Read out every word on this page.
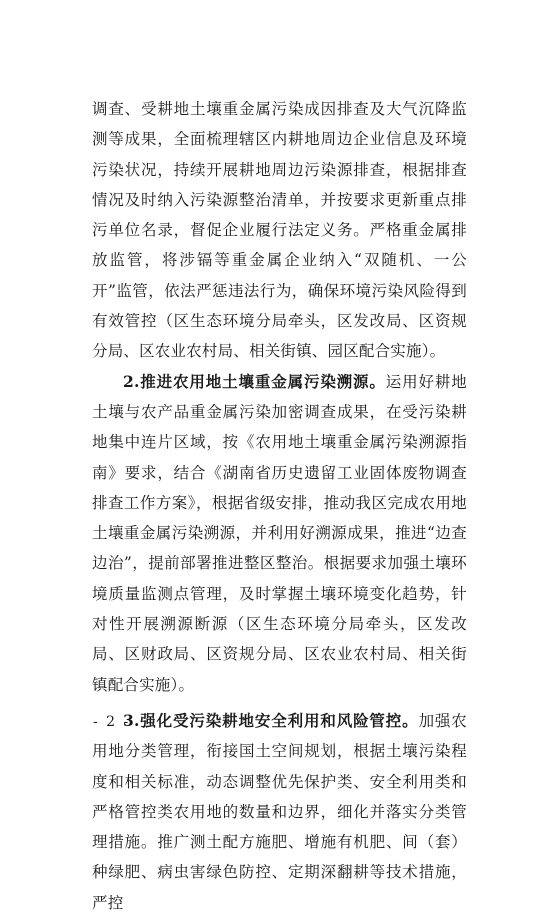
调查、受耕地土壤重金属污染成因排查及大气沉降监测等成果，全面梳理辖区内耕地周边企业信息及环境污染状况，持续开展耕地周边污染源排查，根据排查情况及时纳入污染源整治清单，并按要求更新重点排污单位名录，督促企业履行法定义务。严格重金属排放监管，将涉镉等重金属企业纳入“双随机、一公开”监管，依法严惩违法行为，确保环境污染风险得到有效管控（区生态环境分局牵头，区发改局、区资规分局、区农业农村局、相关街镇、园区配合实施）。

2.推进农用地土壤重金属污染溯源。运用好耕地土壤与农产品重金属污染加密调查成果，在受污染耕地集中连片区域，按《农用地土壤重金属污染溯源指南》要求，结合《湖南省历史遗留工业固体废物调查排查工作方案》，根据省级安排，推动我区完成农用地土壤重金属污染溯源，并利用好溯源成果，推进“边查边治”，提前部署推进整区整治。根据要求加强土壤环境质量监测点管理，及时掌握土壤环境变化趋势，针对性开展溯源断源（区生态环境分局牵头，区发改局、区财政局、区资规分局、区农业农村局、相关街镇配合实施）。

3.强化受污染耕地安全利用和风险管控。加强农用地分类管理，衔接国土空间规划，根据土壤污染程度和相关标准，动态调整优先保护类、安全利用类和严格管控类农用地的数量和边界，细化并落实分类管理措施。推广测土配方施肥、增施有机肥、间（套）种绿肥、病虫害绿色防控、定期深翻耕等技术措施，严控

- 2 -
